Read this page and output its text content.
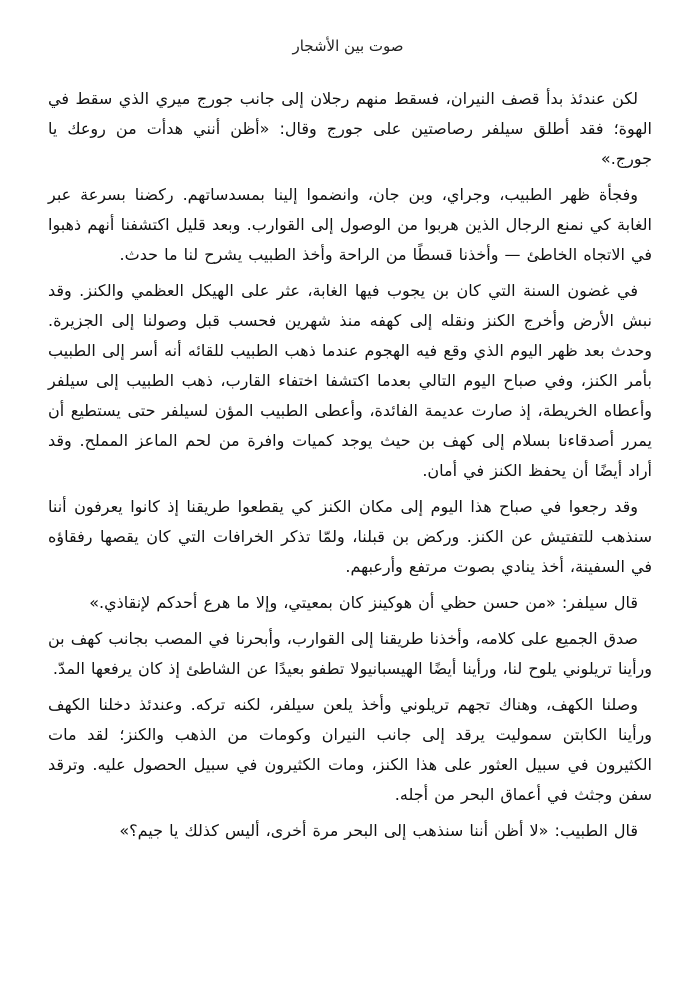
صوت بين الأشجار

لكن عندئذ بدأ قصف النيران، فسقط منهم رجلان إلى جانب جورج ميري الذي سقط في الهوة؛ فقد أطلق سيلفر رصاصتين على جورج وقال: «أظن أنني هدأت من روعك يا جورج.»

وفجأة ظهر الطبيب، وجراي، وبن جان، وانضموا إلينا بمسدساتهم. ركضنا بسرعة عبر الغابة كي نمنع الرجال الذين هربوا من الوصول إلى القوارب. وبعد قليل اكتشفنا أنهم ذهبوا في الاتجاه الخاطئ — وأخذنا قسطًا من الراحة وأخذ الطبيب يشرح لنا ما حدث.

في غضون السنة التي كان بن يجوب فيها الغابة، عثر على الهيكل العظمي والكنز. وقد نبش الأرض وأخرج الكنز ونقله إلى كهفه منذ شهرين فحسب قبل وصولنا إلى الجزيرة. وحدث بعد ظهر اليوم الذي وقع فيه الهجوم عندما ذهب الطبيب للقائه أنه أسر إلى الطبيب بأمر الكنز، وفي صباح اليوم التالي بعدما اكتشفا اختفاء القارب، ذهب الطبيب إلى سيلفر وأعطاه الخريطة، إذ صارت عديمة الفائدة، وأعطى الطبيب المؤن لسيلفر حتى يستطيع أن يمرر أصدقاءنا بسلام إلى كهف بن حيث يوجد كميات وافرة من لحم الماعز المملح. وقد أراد أيضًا أن يحفظ الكنز في أمان.

وقد رجعوا في صباح هذا اليوم إلى مكان الكنز كي يقطعوا طريقنا إذ كانوا يعرفون أننا سنذهب للتفتيش عن الكنز. وركض بن قبلنا، ولمّا تذكر الخرافات التي كان يقصها رفقاؤه في السفينة، أخذ ينادي بصوت مرتفع وأرعبهم.

قال سيلفر: «من حسن حظي أن هوكينز كان بمعيتي، وإلا ما هرع أحدكم لإنقاذي.»

صدق الجميع على كلامه، وأخذنا طريقنا إلى القوارب، وأبحرنا في المصب بجانب كهف بن ورأينا تريلوني يلوح لنا، ورأينا أيضًا الهيسبانيولا تطفو بعيدًا عن الشاطئ إذ كان يرفعها المدّ.

وصلنا الكهف، وهناك تجهم تريلوني وأخذ يلعن سيلفر، لكنه تركه. وعندئذ دخلنا الكهف ورأينا الكابتن سموليت يرقد إلى جانب النيران وكومات من الذهب والكنز؛ لقد مات الكثيرون في سبيل العثور على هذا الكنز، ومات الكثيرون في سبيل الحصول عليه. وترقد سفن وجثث في أعماق البحر من أجله.

قال الطبيب: «لا أظن أننا سنذهب إلى البحر مرة أخرى، أليس كذلك يا جيم؟»
